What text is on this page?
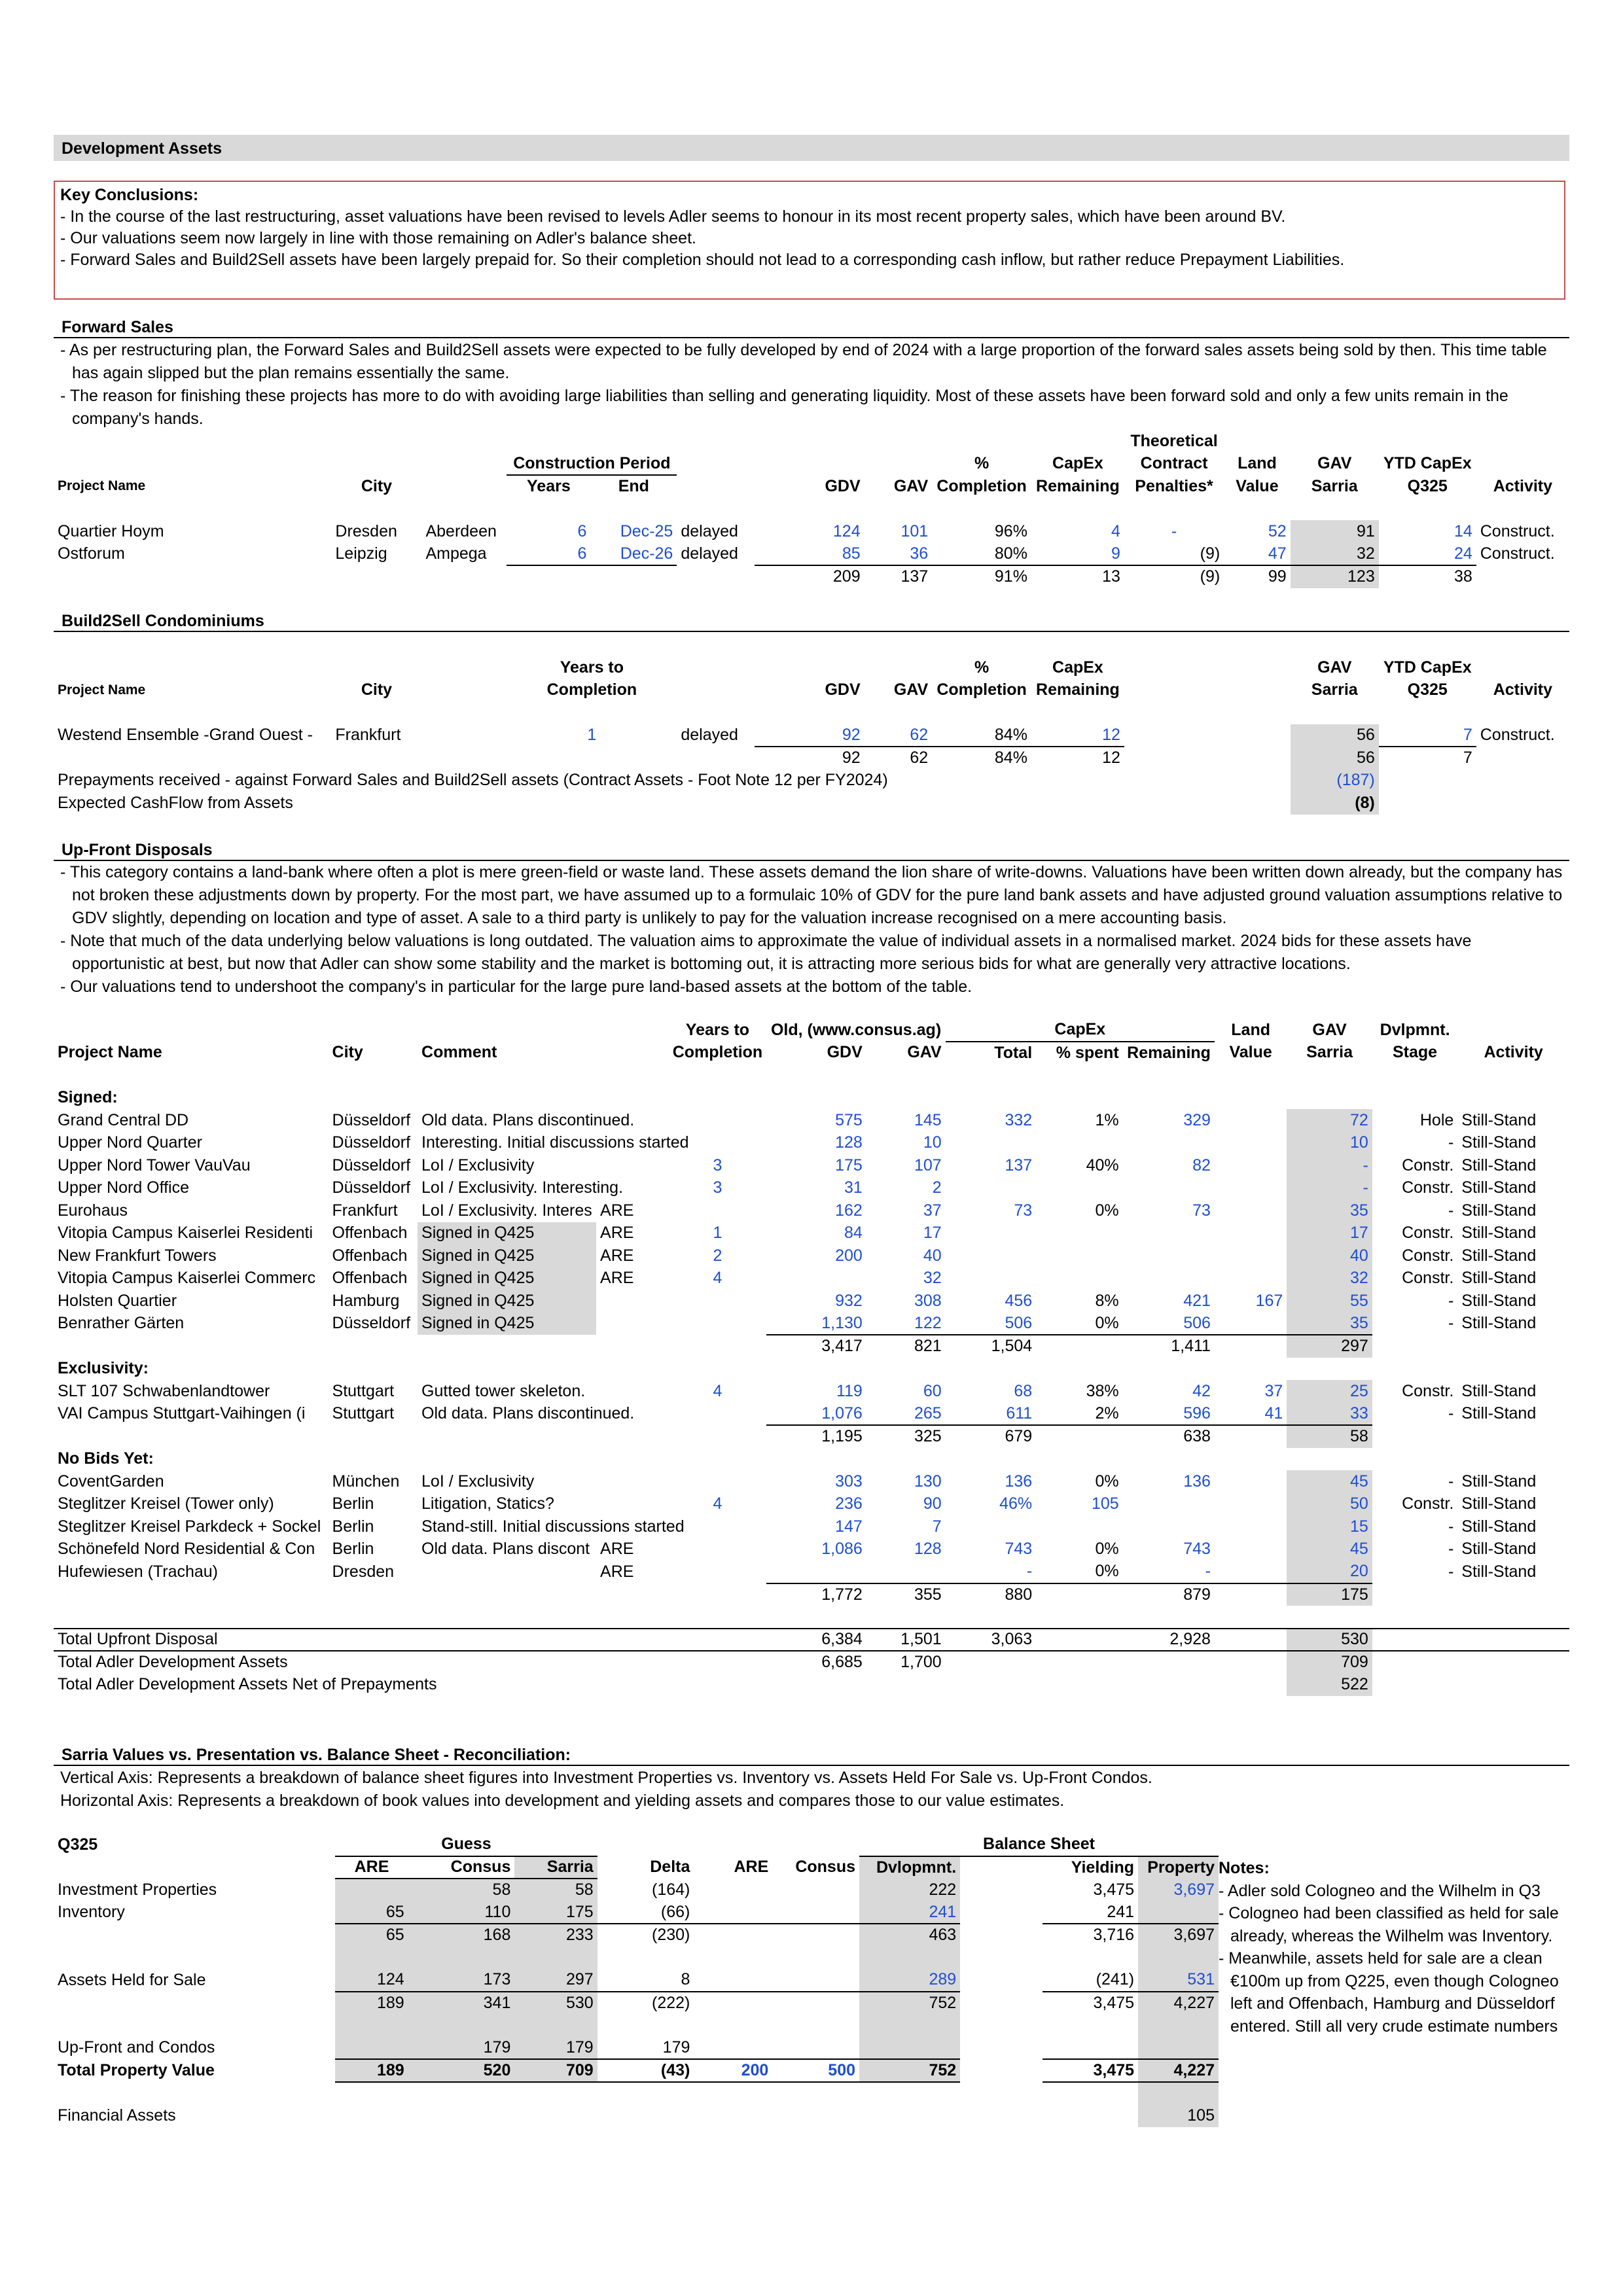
Development Assets
Key Conclusions:
- In the course of the last restructuring, asset valuations have been revised to levels Adler seems to honour in its most recent property sales, which have been around BV.
- Our valuations seem now largely in line with those remaining on Adler's balance sheet.
- Forward Sales and Build2Sell assets have been largely prepaid for. So their completion should not lead to a corresponding cash inflow, but rather reduce Prepayment Liabilities.
Forward Sales
- As per restructuring plan, the Forward Sales and Build2Sell assets were expected to be fully developed by end of 2024 with a large proportion of the forward sales assets being sold by then. This time table has again slipped but the plan remains essentially the same.
- The reason for finishing these projects has more to do with avoiding large liabilities than selling and generating liquidity. Most of these assets have been forward sold and only a few units remain in the company's hands.
										Theoretical				
			Construction Period					%	CapEx	Contract	Land	GAV	YTD CapEx	
Project Name	City		Years	End		GDV	GAV	Completion	Remaining	Penalties*	Value	Sarria	Q325	Activity

Quartier Hoym	Dresden	Aberdeen	6	Dec-25	delayed	124	101	96%	4	-	52	91	14	Construct.
Ostforum	Leipzig	Ampega	6	Dec-26	delayed	85	36	80%	9	(9)	47	32	24	Construct.
						209	137	91%	13	(9)	99	123	38	
Build2Sell Condominiums
			Years to					%	CapEx			GAV	YTD CapEx	
Project Name	City		Completion			GDV	GAV	Completion	Remaining			Sarria	Q325	Activity

Westend Ensemble -Grand Ouest -	Frankfurt		1		delayed	92	62	84%	12			56	7	Construct.
						92	62	84%	12			56	7	
Prepayments received - against Forward Sales and Build2Sell assets (Contract Assets - Foot Note 12 per FY2024)												(187)		
Expected CashFlow from Assets												(8)		
Up-Front Disposals
- This category contains a land-bank where often a plot is mere green-field or waste land. These assets demand the lion share of write-downs. Valuations have been written down already, but the company has not broken these adjustments down by property. For the most part, we have assumed up to a formulaic 10% of GDV for the pure land bank assets and have adjusted ground valuation assumptions relative to GDV slightly, depending on location and type of asset. A sale to a third party is unlikely to pay for the valuation increase recognised on a mere accounting basis.
- Note that much of the data underlying below valuations is long outdated. The valuation aims to approximate the value of individual assets in a normalised market. 2024 bids for these assets have opportunistic at best, but now that Adler can show some stability and the market is bottoming out, it is attracting more serious bids for what are generally very attractive locations.
- Our valuations tend to undershoot the company's in particular for the large pure land-based assets at the bottom of the table.
				Years to	Old, (www.consus.ag)		CapEx			Land	GAV	Dvlpmnt.	
Project Name	City	Comment		Completion	GDV	GAV	Total	% spent	Remaining	Value	Sarria	Stage	Activity

Signed:													
Grand Central DD	Düsseldorf	Old data. Plans discontinued.			575	145	332	1%	329		72	Hole	Still-Stand
Upper Nord Quarter	Düsseldorf	Interesting. Initial discussions started			128	10					10	-	Still-Stand
Upper Nord Tower VauVau	Düsseldorf	LoI / Exclusivity		3	175	107	137	40%	82		-	Constr.	Still-Stand
Upper Nord Office	Düsseldorf	LoI / Exclusivity. Interesting.		3	31	2					-	Constr.	Still-Stand
Eurohaus	Frankfurt	LoI / Exclusivity. Interes	ARE		162	37	73	0%	73		35	-	Still-Stand
Vitopia Campus Kaiserlei Residenti	Offenbach	Signed in Q425	ARE	1	84	17					17	Constr.	Still-Stand
New Frankfurt Towers	Offenbach	Signed in Q425	ARE	2	200	40					40	Constr.	Still-Stand
Vitopia Campus Kaiserlei Commerc	Offenbach	Signed in Q425	ARE	4		32					32	Constr.	Still-Stand
Holsten Quartier	Hamburg	Signed in Q425			932	308	456	8%	421	167	55	-	Still-Stand
Benrather Gärten	Düsseldorf	Signed in Q425			1,130	122	506	0%	506		35	-	Still-Stand
					3,417	821	1,504		1,411		297		
Exclusivity:													
SLT 107 Schwabenlandtower	Stuttgart	Gutted tower skeleton.		4	119	60	68	38%	42	37	25	Constr.	Still-Stand
VAI Campus Stuttgart-Vaihingen (i	Stuttgart	Old data. Plans discontinued.			1,076	265	611	2%	596	41	33	-	Still-Stand
					1,195	325	679		638		58		
No Bids Yet:													
CoventGarden	München	LoI / Exclusivity			303	130	136	0%	136		45	-	Still-Stand
Steglitzer Kreisel (Tower only)	Berlin	Litigation, Statics?		4	236	90	46%	105			50	Constr.	Still-Stand
Steglitzer Kreisel Parkdeck + Sockel	Berlin	Stand-still. Initial discussions started			147	7					15	-	Still-Stand
Schönefeld Nord Residential & Con	Berlin	Old data. Plans discont	ARE		1,086	128	743	0%	743		45	-	Still-Stand
Hufewiesen (Trachau)	Dresden		ARE				-	0%	-		20	-	Still-Stand
					1,772	355	880		879		175		

Total Upfront Disposal					6,384	1,501	3,063		2,928		530		
Total Adler Development Assets					6,685	1,700					709		
Total Adler Development Assets Net of Prepayments											522		
Sarria Values vs. Presentation vs. Balance Sheet - Reconciliation:
Vertical Axis: Represents a breakdown of balance sheet figures into Investment Properties vs. Inventory vs. Assets Held For Sale vs. Up-Front Condos.
Horizontal Axis: Represents a breakdown of book values into development and yielding assets and compares those to our value estimates.
Q325	Guess						Balance Sheet			
	ARE	Consus	Sarria	Delta	ARE	Consus	Dvlopmnt.		Yielding	Property
Investment Properties		58	58	(164)			222		3,475	3,697
Inventory	65	110	175	(66)			241		241	
	65	168	233	(230)			463		3,716	3,697

Assets Held for Sale	124	173	297	8			289		(241)	531
	189	341	530	(222)			752		3,475	4,227

Up-Front and Condos		179	179	179						
Total Property Value	189	520	709	(43)	200	500	752		3,475	4,227

Financial Assets										105
Notes:
- Adler sold Cologneo and the Wilhelm in Q3
- Cologneo had been classified as held for sale
already, whereas the Wilhelm was Inventory.
- Meanwhile, assets held for sale are a clean
€100m up from Q225, even though Cologneo
left and Offenbach, Hamburg and Düsseldorf
entered. Still all very crude estimate numbers
